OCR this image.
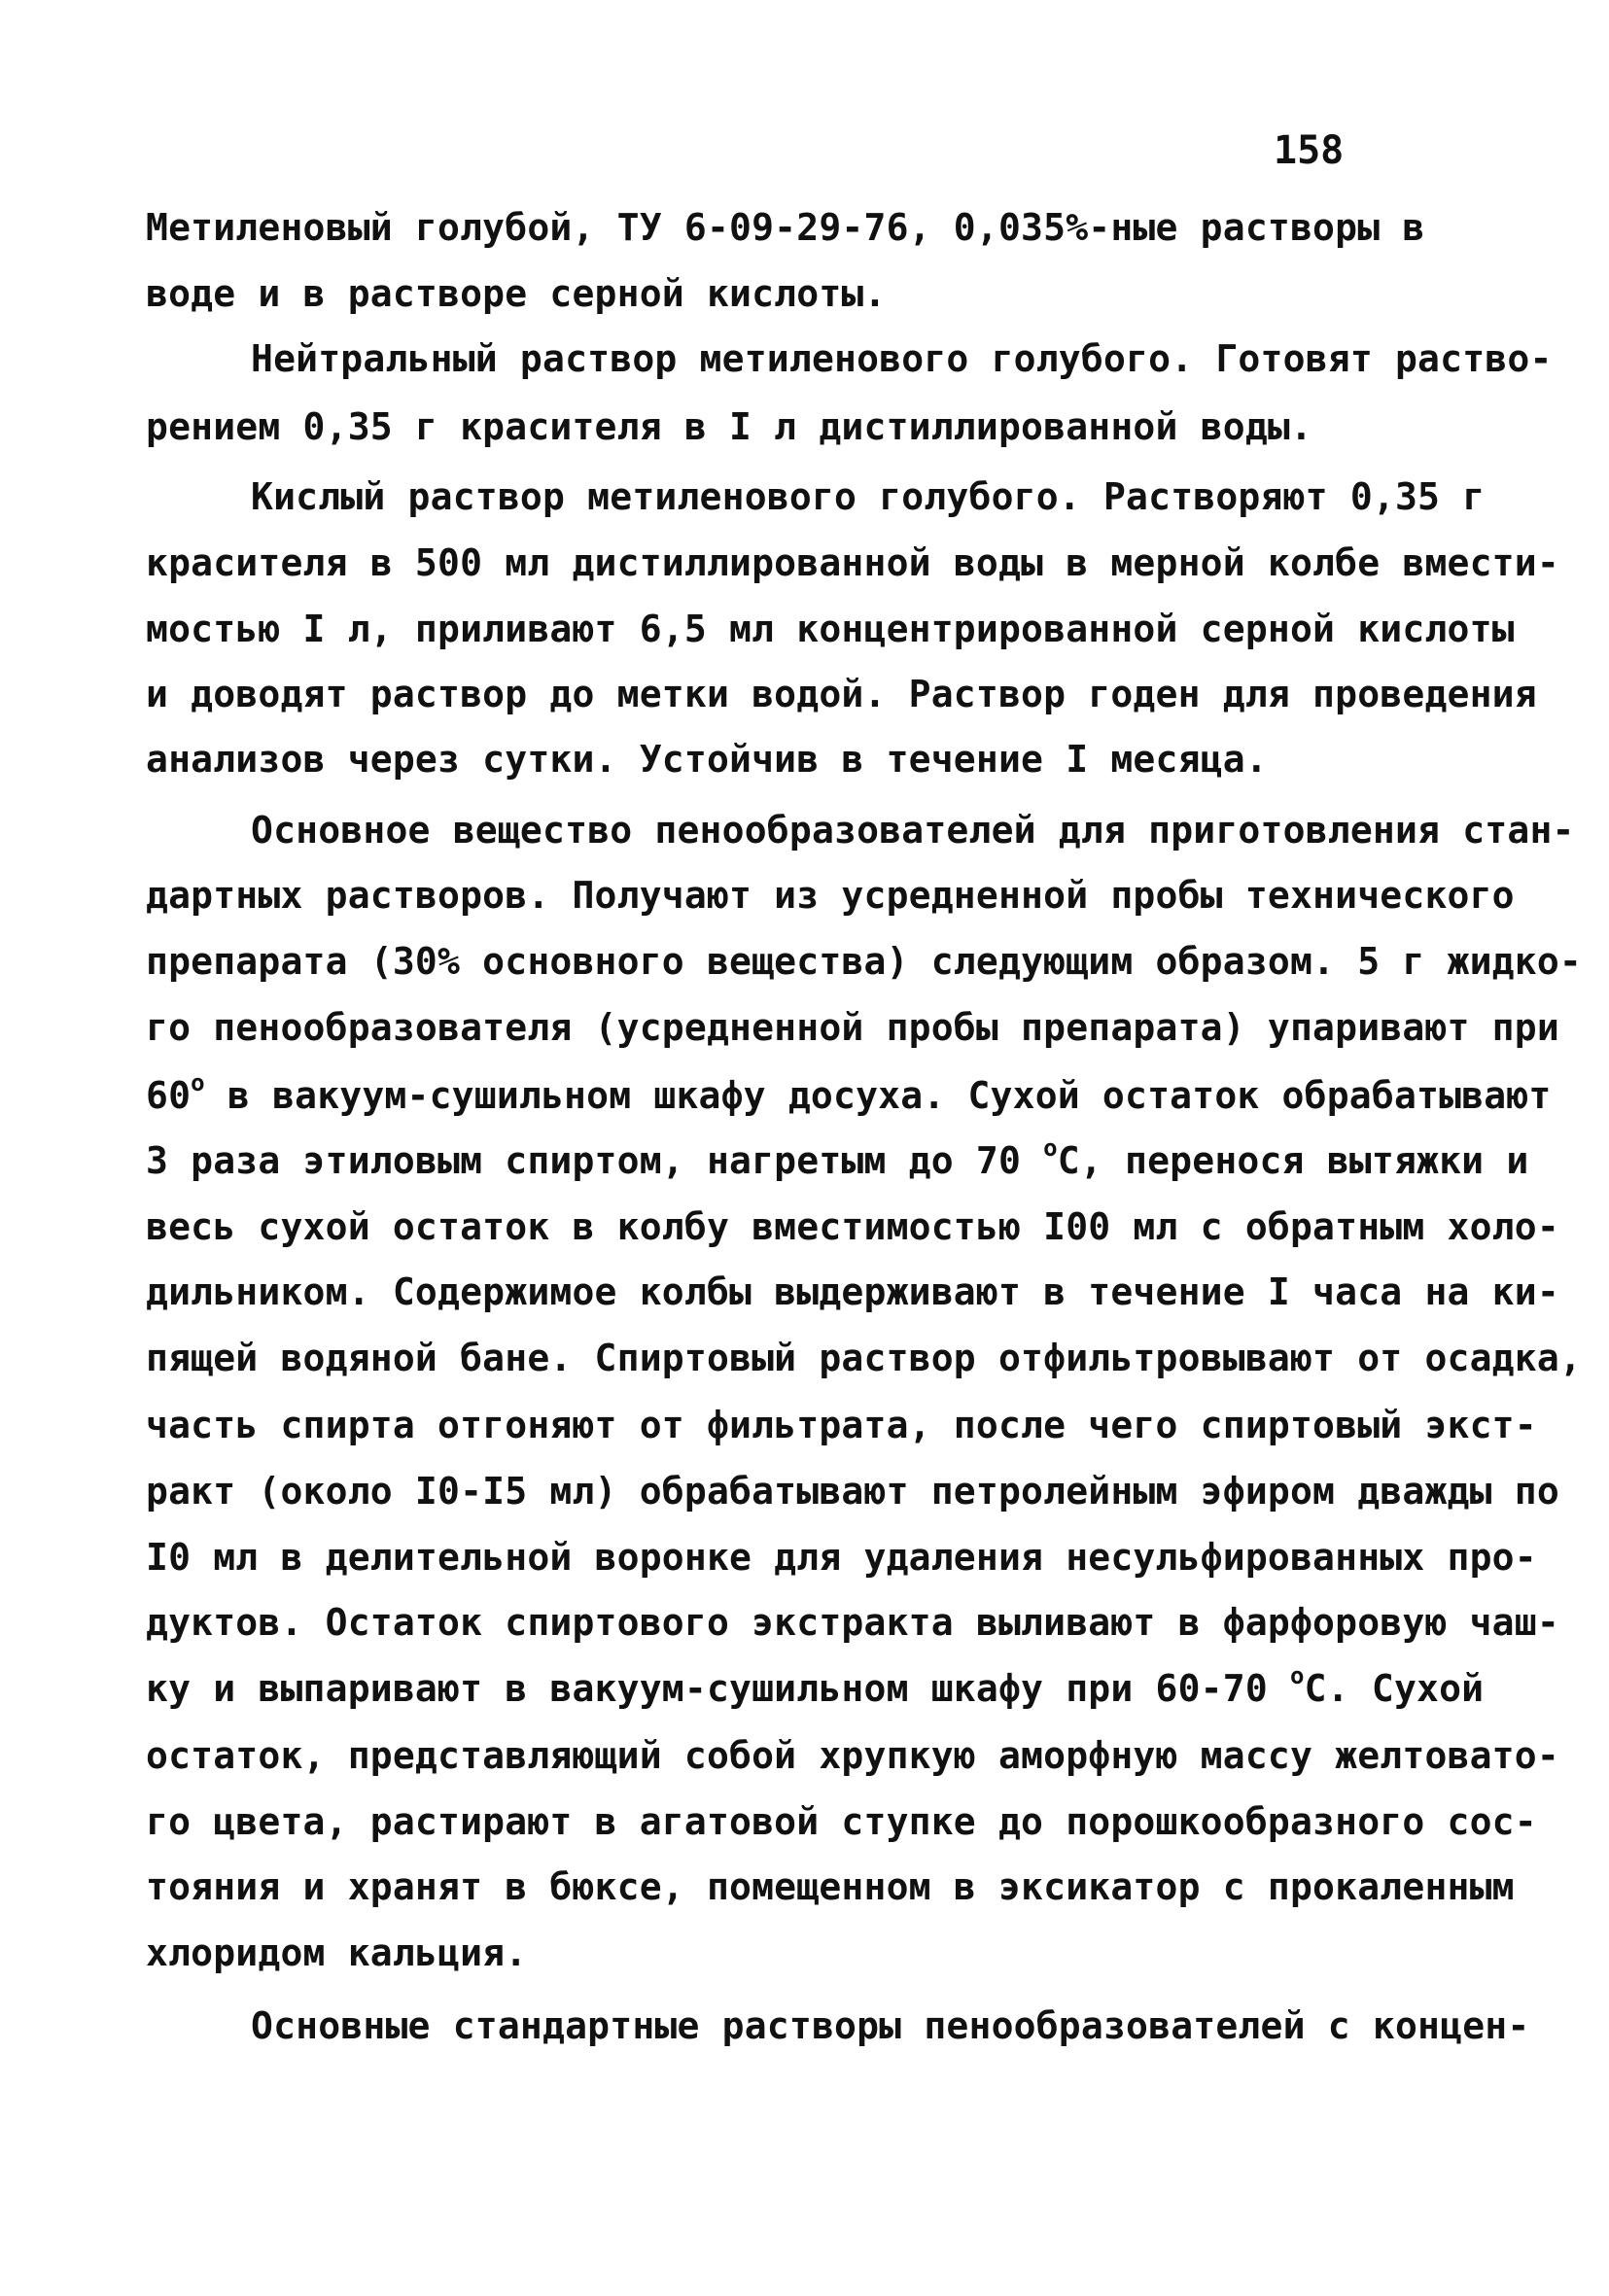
158

Метиленовый голубой, ТУ 6-09-29-76, 0,035%-ные растворы в

воде и в растворе серной кислоты.

Нейтральный раствор метиленового голубого. Готовят раство-

рением 0,35 г красителя в I л дистиллированной воды.

Кислый раствор метиленового голубого. Растворяют 0,35 г

красителя в 500 мл дистиллированной воды в мерной колбе вмести-

мостью I л, приливают 6,5 мл концентрированной серной кислоты

и доводят раствор до метки водой. Раствор годен для проведения

анализов через сутки. Устойчив в течение I месяца.

Основное вещество пенообразователей для приготовления стан-

дартных растворов. Получают из усредненной пробы технического

препарата (30% основного вещества) следующим образом. 5 г жидко-

го пенообразователя (усредненной пробы препарата) упаривают при

60$^o$ в вакуум-сушильном шкафу досуха. Сухой остаток обрабатывают

3 раза этиловым спиртом, нагретым до 70 $^o$C, перенося вытяжки и

весь сухой остаток в колбу вместимостью I00 мл с обратным холо-

дильником. Содержимое колбы выдерживают в течение I часа на ки-

пящей водяной бане. Спиртовый раствор отфильтровывают от осадка,

часть спирта отгоняют от фильтрата, после чего спиртовый экст-

ракт (около I0-I5 мл) обрабатывают петролейным эфиром дважды по

I0 мл в делительной воронке для удаления несульфированных про-

дуктов. Остаток спиртового экстракта выливают в фарфоровую чаш-

ку и выпаривают в вакуум-сушильном шкафу при 60-70 $^o$C. Сухой

остаток, представляющий собой хрупкую аморфную массу желтовато-

го цвета, растирают в агатовой ступке до порошкообразного сос-

тояния и хранят в бюксе, помещенном в эксикатор с прокаленным

хлоридом кальция.

Основные стандартные растворы пенообразователей с концен-
